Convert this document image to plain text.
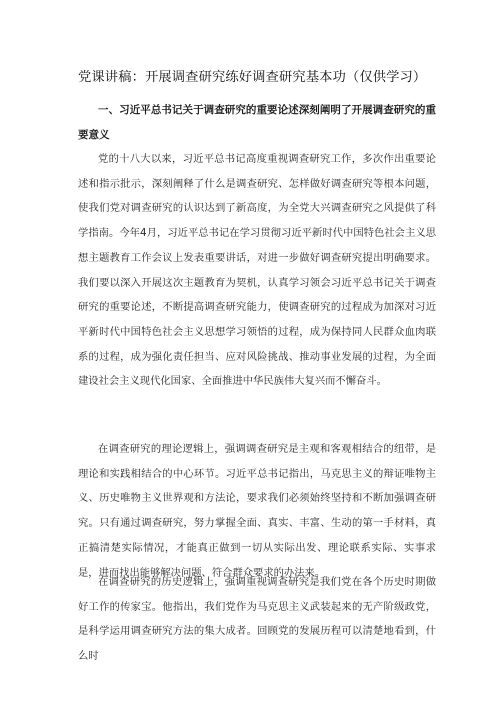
党课讲稿：开展调查研究练好调查研究基本功（仅供学习）
一、习近平总书记关于调查研究的重要论述深刻阐明了开展调查研究的重要意义

党的十八大以来，习近平总书记高度重视调查研究工作，多次作出重要论述和指示批示，深刻阐释了什么是调查研究、怎样做好调查研究等根本问题，使我们党对调查研究的认识达到了新高度，为全党大兴调查研究之风提供了科学指南。今年4月，习近平总书记在学习贯彻习近平新时代中国特色社会主义思想主题教育工作会议上发表重要讲话，对进一步做好调查研究提出明确要求。我们要以深入开展这次主题教育为契机，认真学习领会习近平总书记关于调查研究的重要论述，不断提高调查研究能力，使调查研究的过程成为加深对习近平新时代中国特色社会主义思想学习领悟的过程，成为保持同人民群众血肉联系的过程，成为强化责任担当、应对风险挑战、推动事业发展的过程，为全面建设社会主义现代化国家、全面推进中华民族伟大复兴而不懈奋斗。

在调查研究的理论逻辑上，强调调查研究是主观和客观相结合的纽带，是理论和实践相结合的中心环节。习近平总书记指出，马克思主义的辩证唯物主义、历史唯物主义世界观和方法论，要求我们必须始终坚持和不断加强调查研究。只有通过调查研究，努力掌握全面、真实、丰富、生动的第一手材料，真正搞清楚实际情况，才能真正做到一切从实际出发、理论联系实际、实事求是，进而找出能够解决问题、符合群众要求的办法来。

在调查研究的历史逻辑上，强调重视调查研究是我们党在各个历史时期做好工作的传家宝。他指出，我们党作为马克思主义武装起来的无产阶级政党，是科学运用调查研究方法的集大成者。回顾党的发展历程可以清楚地看到，什么时
